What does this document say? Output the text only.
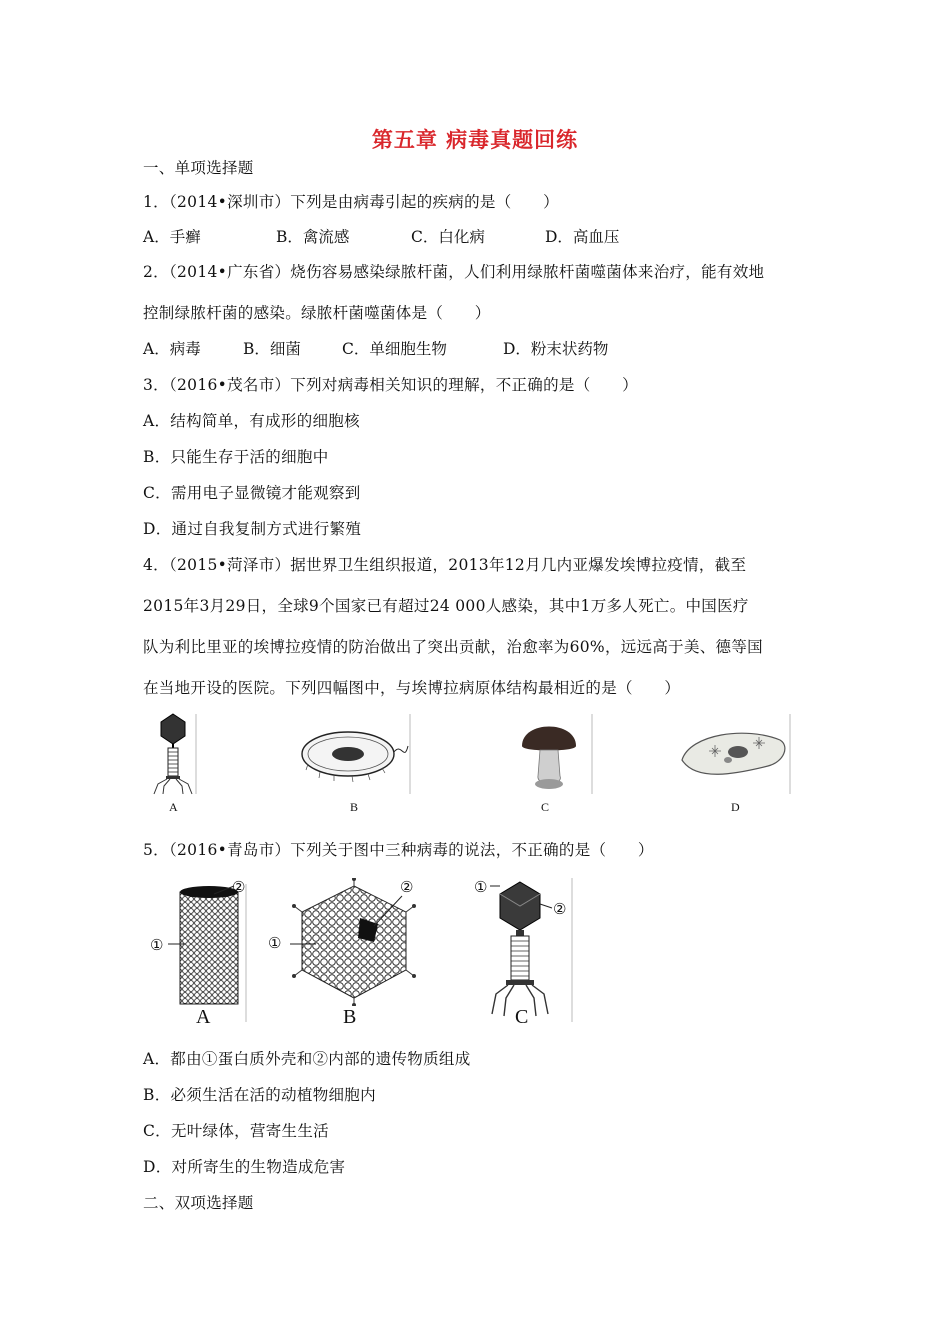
第五章 病毒真题回练
一、单项选择题
1．（2014•深圳市）下列是由病毒引起的疾病的是（　　）
A．手癣	B．禽流感	C．白化病	D．高血压
2．（2014•广东省）烧伤容易感染绿脓杆菌，人们利用绿脓杆菌噬菌体来治疗，能有效地
控制绿脓杆菌的感染。绿脓杆菌噬菌体是（　　）
A．病毒	B．细菌	C．单细胞生物	D．粉末状药物
3．（2016•茂名市）下列对病毒相关知识的理解，不正确的是（　　）
A．结构简单，有成形的细胞核
B．只能生存于活的细胞中
C．需用电子显微镜才能观察到
D．通过自我复制方式进行繁殖
4．（2015•菏泽市）据世界卫生组织报道，2013年12月几内亚爆发埃博拉疫情，截至
2015年3月29日，全球9个国家已有超过24 000人感染，其中1万多人死亡。中国医疗
队为利比里亚的埃博拉疫情的防治做出了突出贡献，治愈率为60%，远远高于美、德等国
在当地开设的医院。下列四幅图中，与埃博拉病原体结构最相近的是（　　）
A	B	C	D
5．（2016•青岛市）下列关于图中三种病毒的说法，不正确的是（　　）
②
①
A
②
①
B
①
②
C
A．都由①蛋白质外壳和②内部的遗传物质组成
B．必须生活在活的动植物细胞内
C．无叶绿体，营寄生生活
D．对所寄生的生物造成危害
二、双项选择题
